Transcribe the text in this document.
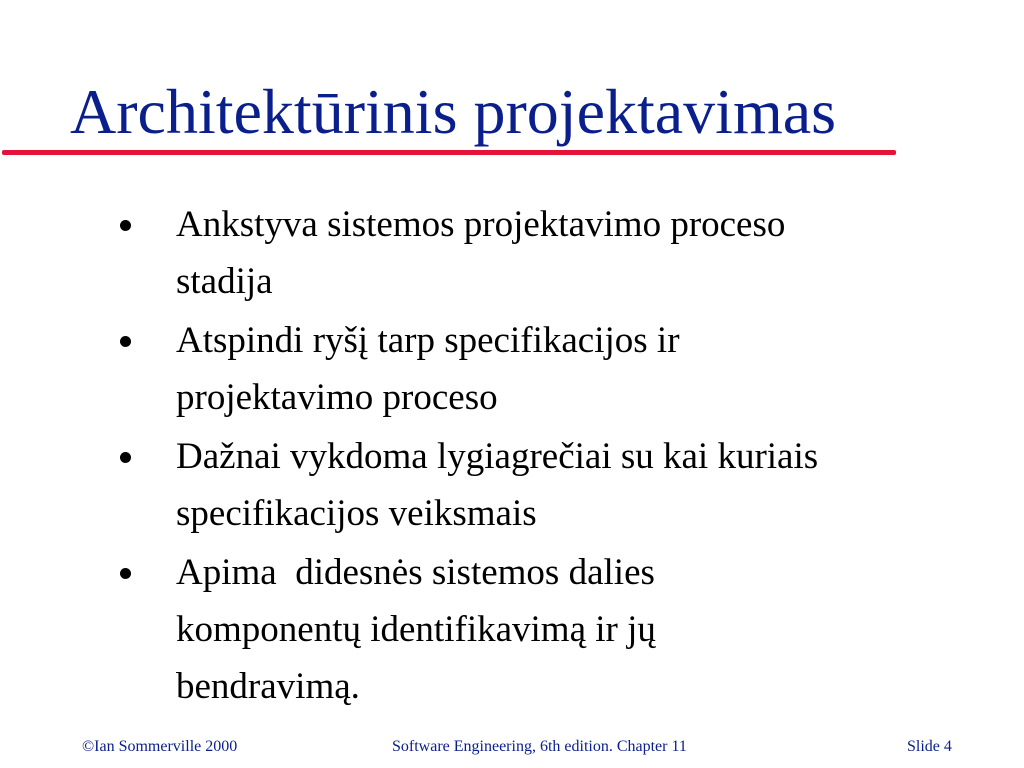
Architektūrinis projektavimas
Ankstyva sistemos projektavimo proceso
stadija
Atspindi ryšį tarp specifikacijos ir
projektavimo proceso
Dažnai vykdoma lygiagrečiai su kai kuriais
specifikacijos veiksmais
Apima  didesnės sistemos dalies
komponentų identifikavimą ir jų
bendravimą.
©Ian Sommerville 2000	Software Engineering, 6th edition. Chapter 11	Slide 4
